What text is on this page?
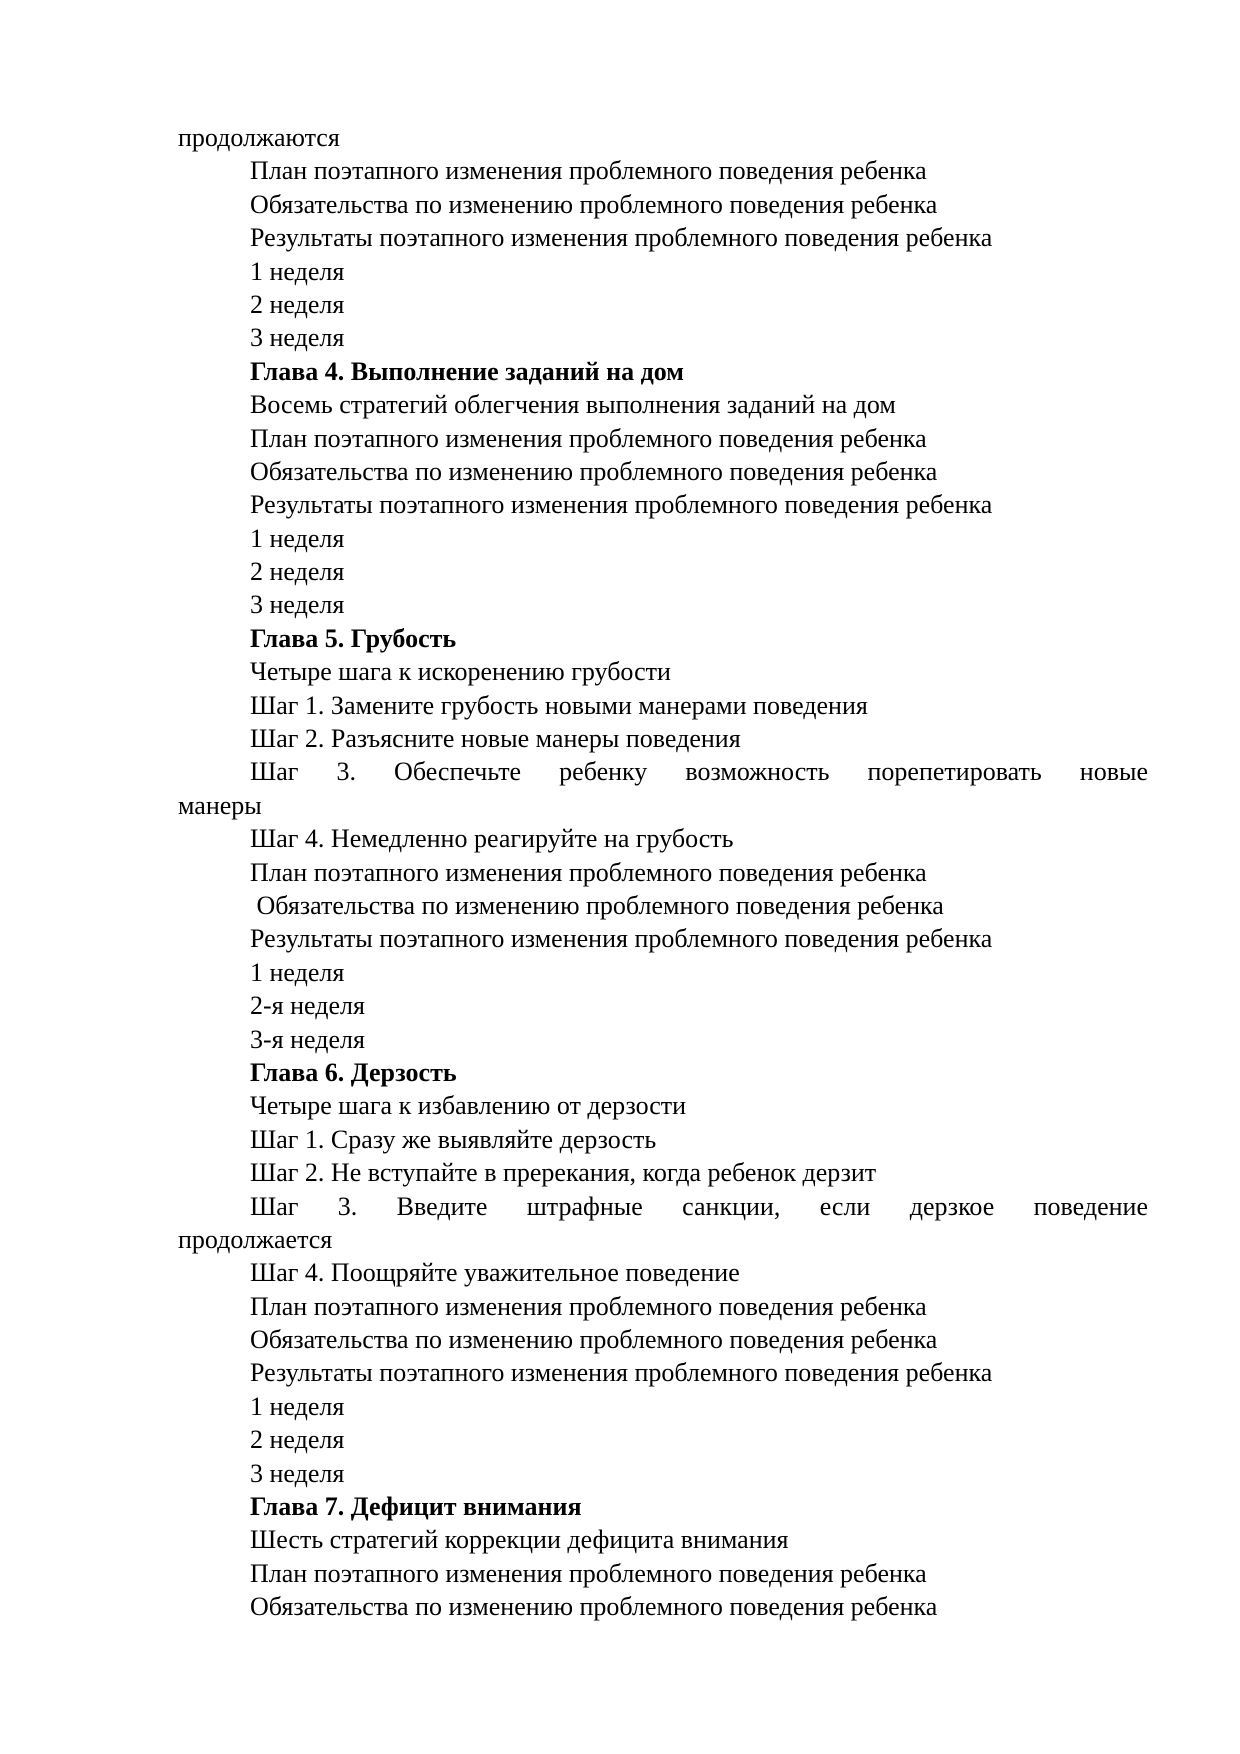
продолжаются
План поэтапного изменения проблемного поведения ребенка
Обязательства по изменению проблемного поведения ребенка
Результаты поэтапного изменения проблемного поведения ребенка
1 неделя
2 неделя
3 неделя
Глава 4. Выполнение заданий на дом
Восемь стратегий облегчения выполнения заданий на дом
План поэтапного изменения проблемного поведения ребенка
Обязательства по изменению проблемного поведения ребенка
Результаты поэтапного изменения проблемного поведения ребенка
1 неделя
2 неделя
3 неделя
Глава 5. Грубость
Четыре шага к искоренению грубости
Шаг 1. Замените грубость новыми манерами поведения
Шаг 2. Разъясните новые манеры поведения
Шаг 3. Обеспечьте ребенку возможность порепетировать новые
манеры
Шаг 4. Немедленно реагируйте на грубость
План поэтапного изменения проблемного поведения ребенка
Обязательства по изменению проблемного поведения ребенка
Результаты поэтапного изменения проблемного поведения ребенка
1 неделя
2-я неделя
3-я неделя
Глава 6. Дерзость
Четыре шага к избавлению от дерзости
Шаг 1. Сразу же выявляйте дерзость
Шаг 2. Не вступайте в пререкания, когда ребенок дерзит
Шаг 3. Введите штрафные санкции, если дерзкое поведение
продолжается
Шаг 4. Поощряйте уважительное поведение
План поэтапного изменения проблемного поведения ребенка
Обязательства по изменению проблемного поведения ребенка
Результаты поэтапного изменения проблемного поведения ребенка
1 неделя
2 неделя
3 неделя
Глава 7. Дефицит внимания
Шесть стратегий коррекции дефицита внимания
План поэтапного изменения проблемного поведения ребенка
Обязательства по изменению проблемного поведения ребенка
